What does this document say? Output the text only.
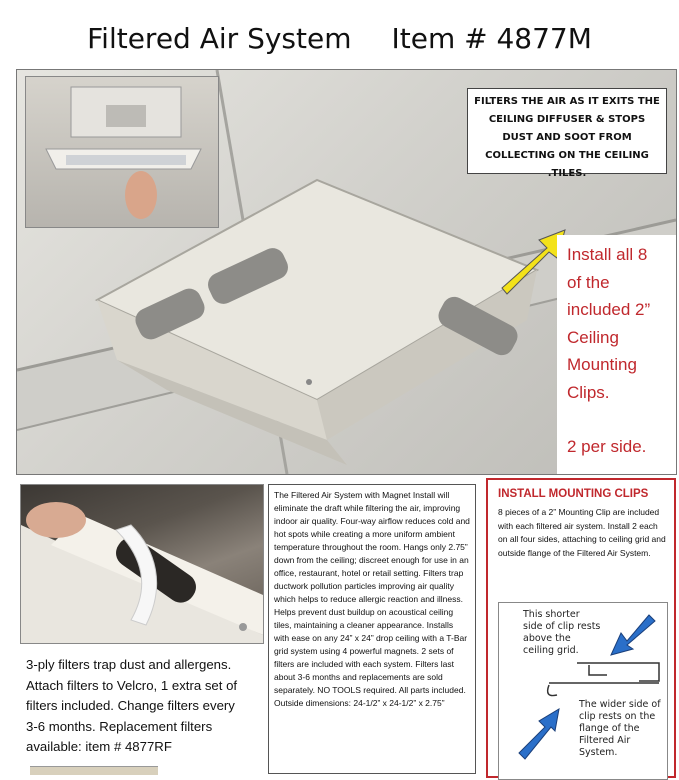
Filtered Air System Item # 4877M
FILTERS THE AIR AS IT EXITS THE CEILING DIFFUSER & STOPS DUST AND SOOT FROM COLLECTING ON THE CEILING .TILES.
Install all 8
of the
included 2”
Ceiling
Mounting
Clips.
2 per side.
3-ply filters trap dust and allergens. Attach filters to Velcro, 1 extra set of filters included. Change filters every 3-6 months. Replacement filters available: item # 4877RF
The Filtered Air System with Magnet Install will eliminate the draft while filtering the air, improving indoor air quality. Four-way airflow reduces cold and hot spots while creating a more uniform ambient temperature throughout the room. Hangs only 2.75” down from the ceiling; discreet enough for use in an office, restaurant, hotel or retail setting. Filters trap ductwork pollution particles improving air quality which helps to reduce allergic reaction and illness. Helps prevent dust buildup on acoustical ceiling tiles, maintaining a cleaner appearance. Installs with ease on any 24” x 24” drop ceiling with a T-Bar grid system using 4 powerful magnets. 2 sets of filters are included with each system. Filters last about 3-6 months and replacements are sold separately. NO TOOLS required. All parts included. Outside dimensions: 24-1/2” x 24-1/2” x 2.75”
INSTALL MOUNTING CLIPS
8 pieces of a 2” Mounting Clip are included with each filtered air system. Install 2 each on all four sides, attaching to ceiling grid and outside flange of the Filtered Air System.
This shorter side of clip rests above the ceiling grid.
The wider side of clip rests on the flange of the Filtered Air System.
